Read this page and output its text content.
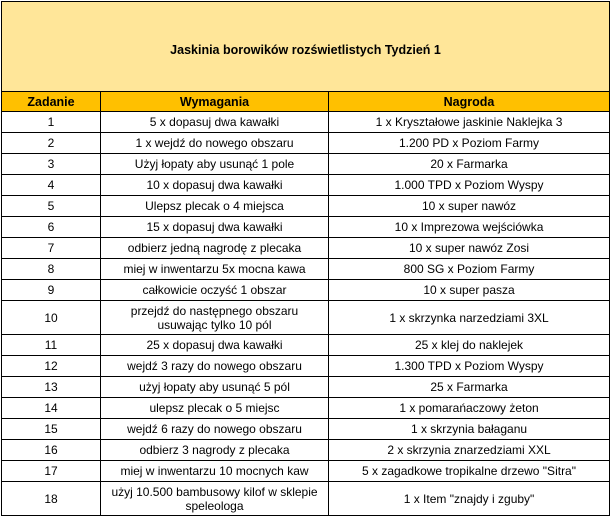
Jaskinia borowików rozświetlistych Tydzień 1		
Zadanie	Wymagania	Nagroda
1	5 x dopasuj dwa kawałki	1 x Kryształowe jaskinie Naklejka 3
2	1 x wejdź do nowego obszaru	1.200 PD x Poziom Farmy
3	Użyj łopaty aby usunąć 1 pole	20 x Farmarka
4	10 x dopasuj dwa kawałki	1.000 TPD x Poziom Wyspy
5	Ulepsz plecak o 4 miejsca	10 x super nawóz
6	15 x dopasuj dwa kawałki	10 x Imprezowa wejściówka
7	odbierz jedną nagrodę z plecaka	10 x super nawóz Zosi
8	miej w inwentarzu 5x mocna kawa	800 SG x Poziom Farmy
9	całkowicie oczyść 1 obszar	10 x super pasza
10	przejdź do następnego obszaru usuwając tylko 10 pól	1 x skrzynka narzedziami 3XL
11	25 x dopasuj dwa kawałki	25 x klej do naklejek
12	wejdź 3 razy do nowego obszaru	1.300 TPD x Poziom Wyspy
13	użyj łopaty aby usunąć 5 pól	25 x Farmarka
14	ulepsz plecak o 5 miejsc	1 x pomarańaczowy żeton
15	wejdź 6 razy do nowego obszaru	1 x skrzynia bałaganu
16	odbierz 3 nagrody z plecaka	2 x skrzynia znarzedziami XXL
17	miej w inwentarzu 10 mocnych kaw	5 x zagadkowe tropikalne drzewo "Sitra"
18	użyj 10.500 bambusowy kilof w sklepie speleologa	1 x Item "znajdy i zguby"
